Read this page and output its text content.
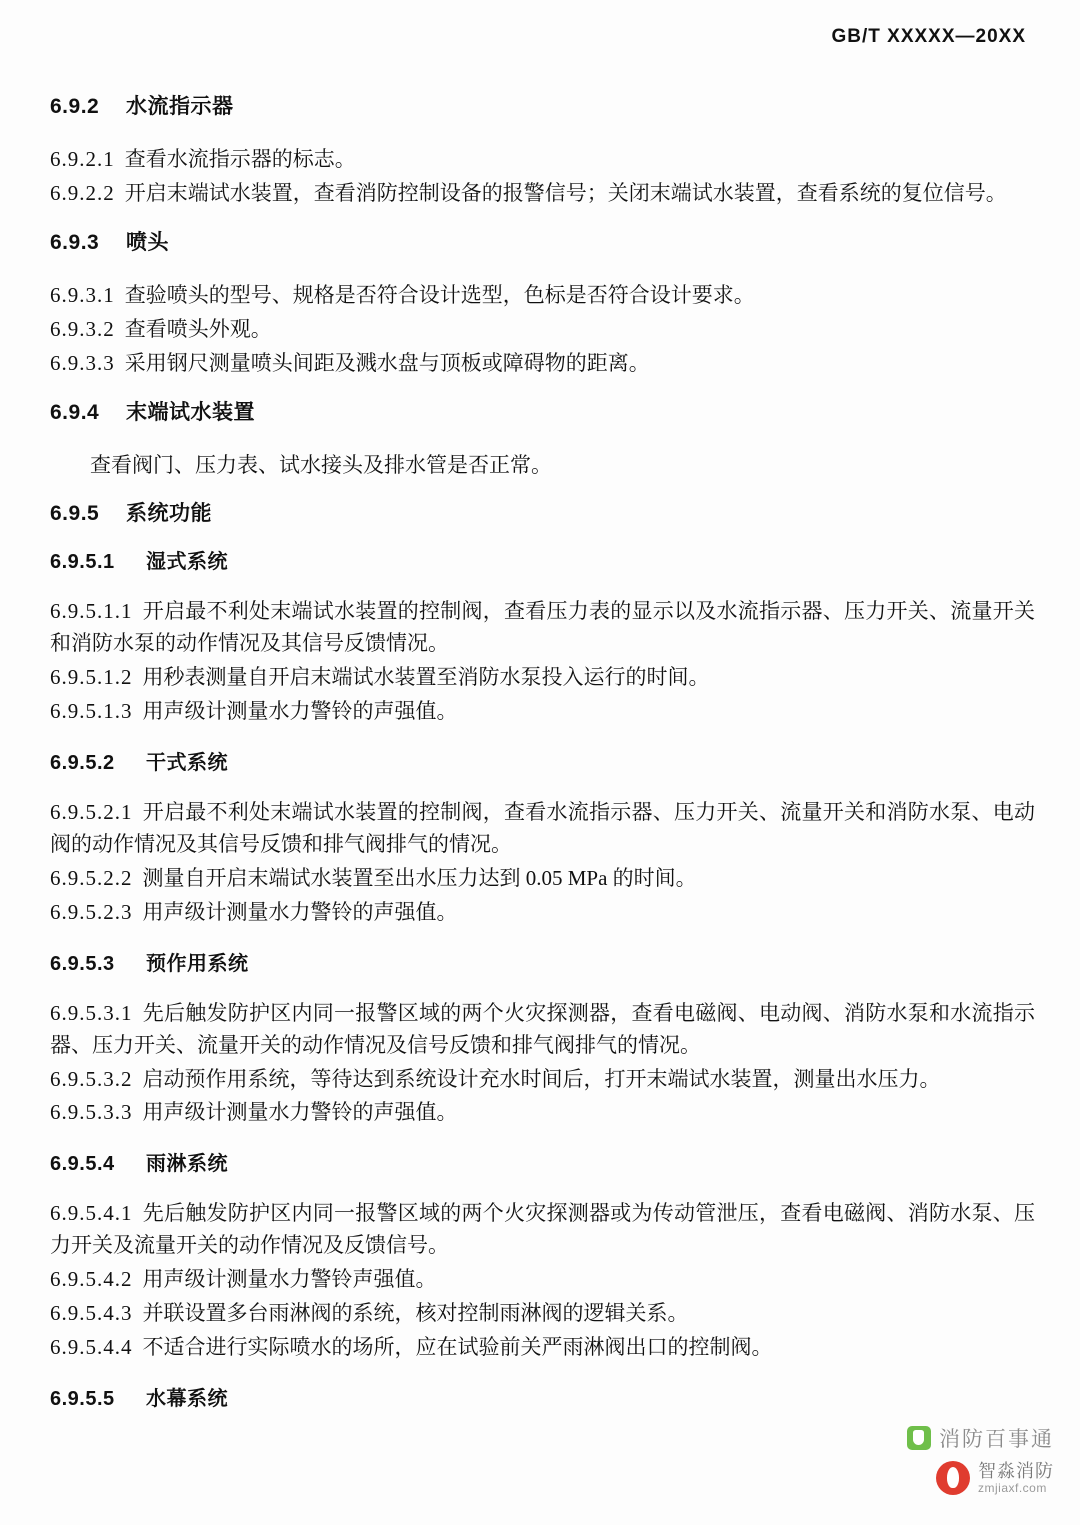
GB/T XXXXX—20XX
6.9.2 水流指示器

6.9.2.1 查看水流指示器的标志。

6.9.2.2 开启末端试水装置，查看消防控制设备的报警信号；关闭末端试水装置，查看系统的复位信号。

6.9.3 喷头

6.9.3.1 查验喷头的型号、规格是否符合设计选型，色标是否符合设计要求。

6.9.3.2 查看喷头外观。

6.9.3.3 采用钢尺测量喷头间距及溅水盘与顶板或障碍物的距离。

6.9.4 末端试水装置

查看阀门、压力表、试水接头及排水管是否正常。

6.9.5 系统功能
6.9.5.1 湿式系统

6.9.5.1.1 开启最不利处末端试水装置的控制阀，查看压力表的显示以及水流指示器、压力开关、流量开关和消防水泵的动作情况及其信号反馈情况。

6.9.5.1.2 用秒表测量自开启末端试水装置至消防水泵投入运行的时间。

6.9.5.1.3 用声级计测量水力警铃的声强值。

6.9.5.2 干式系统

6.9.5.2.1 开启最不利处末端试水装置的控制阀，查看水流指示器、压力开关、流量开关和消防水泵、电动阀的动作情况及其信号反馈和排气阀排气的情况。

6.9.5.2.2 测量自开启末端试水装置至出水压力达到 0.05 MPa 的时间。

6.9.5.2.3 用声级计测量水力警铃的声强值。

6.9.5.3 预作用系统

6.9.5.3.1 先后触发防护区内同一报警区域的两个火灾探测器，查看电磁阀、电动阀、消防水泵和水流指示器、压力开关、流量开关的动作情况及信号反馈和排气阀排气的情况。

6.9.5.3.2 启动预作用系统，等待达到系统设计充水时间后，打开末端试水装置，测量出水压力。

6.9.5.3.3 用声级计测量水力警铃的声强值。

6.9.5.4 雨淋系统

6.9.5.4.1 先后触发防护区内同一报警区域的两个火灾探测器或为传动管泄压，查看电磁阀、消防水泵、压力开关及流量开关的动作情况及反馈信号。

6.9.5.4.2 用声级计测量水力警铃声强值。

6.9.5.4.3 并联设置多台雨淋阀的系统，核对控制雨淋阀的逻辑关系。

6.9.5.4.4 不适合进行实际喷水的场所，应在试验前关严雨淋阀出口的控制阀。

6.9.5.5 水幕系统
消防百事通
智淼消防
zmjiaxf.com
